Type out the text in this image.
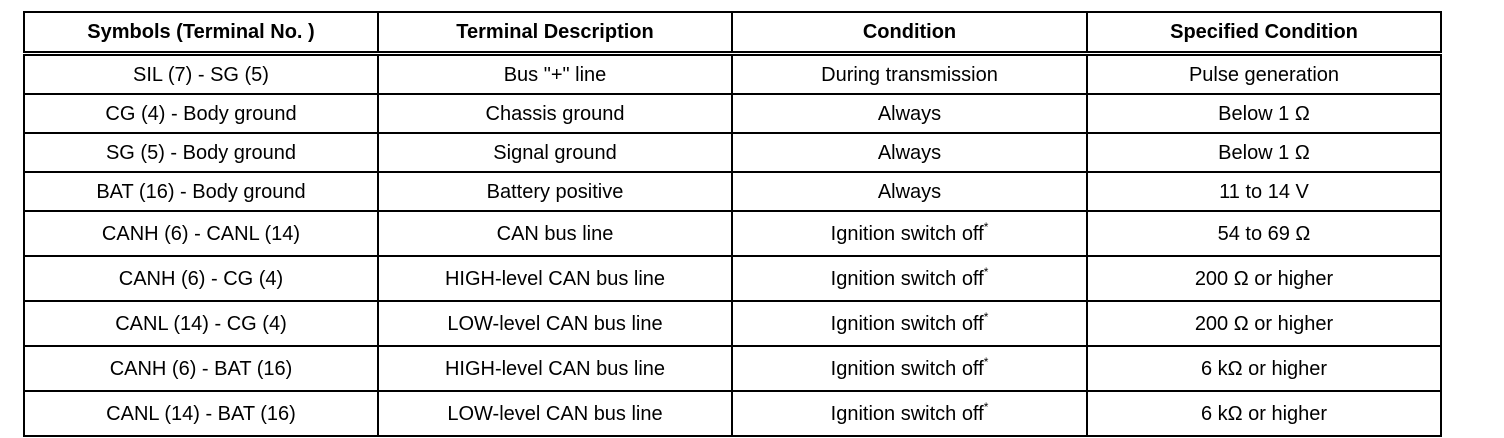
Symbols (Terminal No. )	Terminal Description	Condition	Specified Condition
SIL (7) - SG (5)	Bus "+" line	During transmission	Pulse generation
CG (4) - Body ground	Chassis ground	Always	Below 1 Ω
SG (5) - Body ground	Signal ground	Always	Below 1 Ω
BAT (16) - Body ground	Battery positive	Always	11 to 14 V
CANH (6) - CANL (14)	CAN bus line	Ignition switch off*	54 to 69 Ω
CANH (6) - CG (4)	HIGH-level CAN bus line	Ignition switch off*	200 Ω or higher
CANL (14) - CG (4)	LOW-level CAN bus line	Ignition switch off*	200 Ω or higher
CANH (6) - BAT (16)	HIGH-level CAN bus line	Ignition switch off*	6 kΩ or higher
CANL (14) - BAT (16)	LOW-level CAN bus line	Ignition switch off*	6 kΩ or higher
